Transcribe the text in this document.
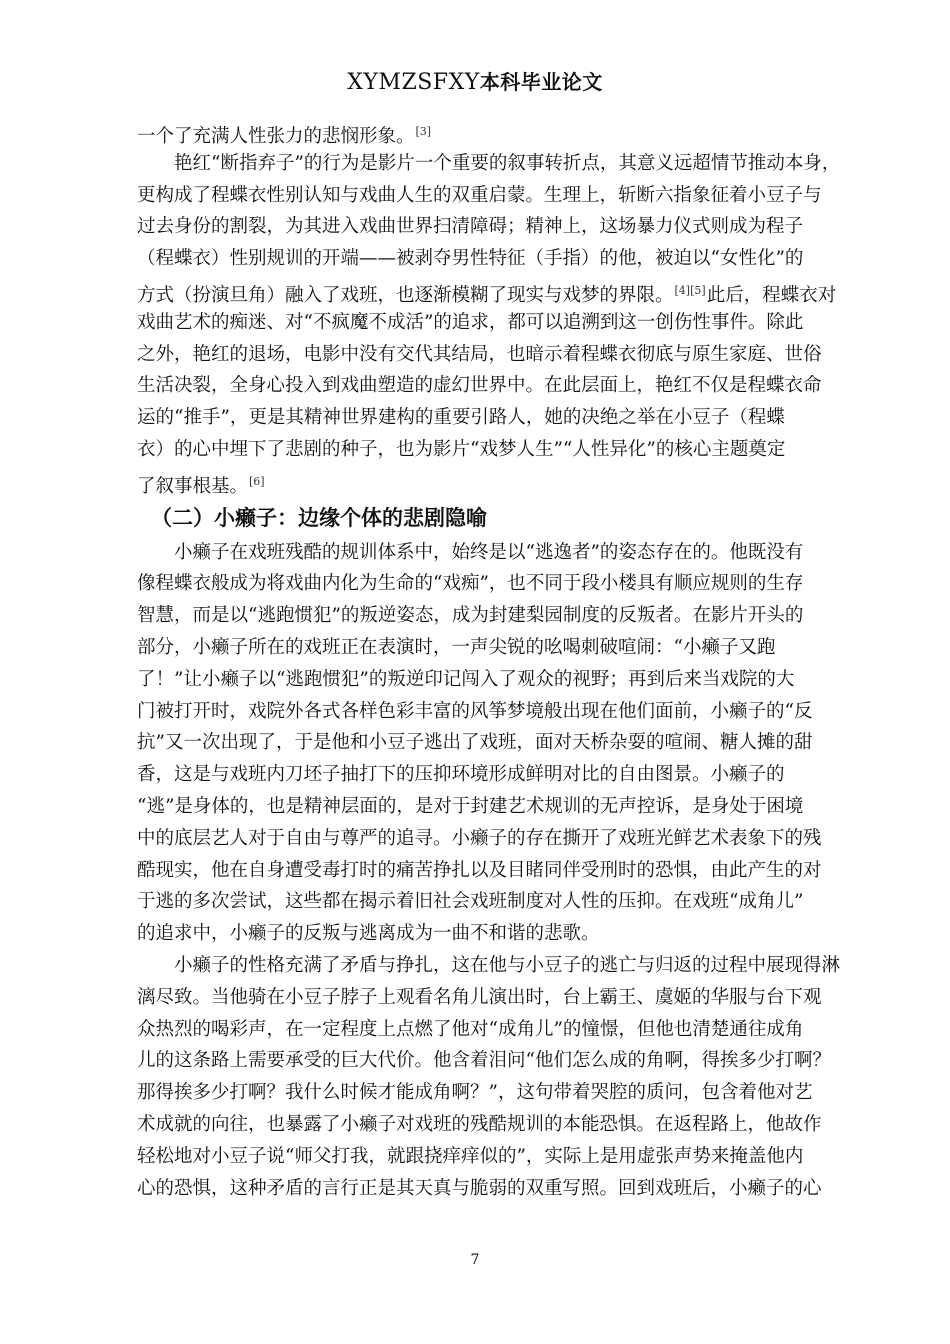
XYMZSFXY本科毕业论文
一个了充满人性张力的悲悯形象。[3]
　　艳红“断指弃子”的行为是影片一个重要的叙事转折点，其意义远超情节推动本身，
更构成了程蝶衣性别认知与戏曲人生的双重启蒙。生理上，斩断六指象征着小豆子与
过去身份的割裂，为其进入戏曲世界扫清障碍；精神上，这场暴力仪式则成为程子
（程蝶衣）性别规训的开端——被剥夺男性特征（手指）的他，被迫以“女性化”的
方式（扮演旦角）融入了戏班，也逐渐模糊了现实与戏梦的界限。[4][5]此后，程蝶衣对
戏曲艺术的痴迷、对“不疯魔不成活”的追求，都可以追溯到这一创伤性事件。除此
之外，艳红的退场，电影中没有交代其结局，也暗示着程蝶衣彻底与原生家庭、世俗
生活决裂，全身心投入到戏曲塑造的虚幻世界中。在此层面上，艳红不仅是程蝶衣命
运的“推手”，更是其精神世界建构的重要引路人，她的决绝之举在小豆子（程蝶
衣）的心中埋下了悲剧的种子，也为影片“戏梦人生”“人性异化”的核心主题奠定
了叙事根基。[6]
（二）小癞子：边缘个体的悲剧隐喻
　　小癞子在戏班残酷的规训体系中，始终是以“逃逸者”的姿态存在的。他既没有
像程蝶衣般成为将戏曲内化为生命的“戏痴”，也不同于段小楼具有顺应规则的生存
智慧，而是以“逃跑惯犯”的叛逆姿态，成为封建梨园制度的反叛者。在影片开头的
部分，小癞子所在的戏班正在表演时，一声尖锐的吆喝刺破喧闹：“小癞子又跑
了！”让小癞子以“逃跑惯犯”的叛逆印记闯入了观众的视野；再到后来当戏院的大
门被打开时，戏院外各式各样色彩丰富的风筝梦境般出现在他们面前，小癞子的“反
抗”又一次出现了，于是他和小豆子逃出了戏班，面对天桥杂耍的喧闹、糖人摊的甜
香，这是与戏班内刀坯子抽打下的压抑环境形成鲜明对比的自由图景。小癞子的
“逃”是身体的，也是精神层面的，是对于封建艺术规训的无声控诉，是身处于困境
中的底层艺人对于自由与尊严的追寻。小癞子的存在撕开了戏班光鲜艺术表象下的残
酷现实，他在自身遭受毒打时的痛苦挣扎以及目睹同伴受刑时的恐惧，由此产生的对
于逃的多次尝试，这些都在揭示着旧社会戏班制度对人性的压抑。在戏班“成角儿”
的追求中，小癞子的反叛与逃离成为一曲不和谐的悲歌。
　　小癞子的性格充满了矛盾与挣扎，这在他与小豆子的逃亡与归返的过程中展现得淋
漓尽致。当他骑在小豆子脖子上观看名角儿演出时，台上霸王、虞姬的华服与台下观
众热烈的喝彩声，在一定程度上点燃了他对“成角儿”的憧憬，但他也清楚通往成角
儿的这条路上需要承受的巨大代价。他含着泪问“他们怎么成的角啊，得挨多少打啊？
那得挨多少打啊？我什么时候才能成角啊？”，这句带着哭腔的质问，包含着他对艺
术成就的向往，也暴露了小癞子对戏班的残酷规训的本能恐惧。在返程路上，他故作
轻松地对小豆子说“师父打我，就跟挠痒痒似的”，实际上是用虚张声势来掩盖他内
心的恐惧，这种矛盾的言行正是其天真与脆弱的双重写照。回到戏班后，小癞子的心
7
